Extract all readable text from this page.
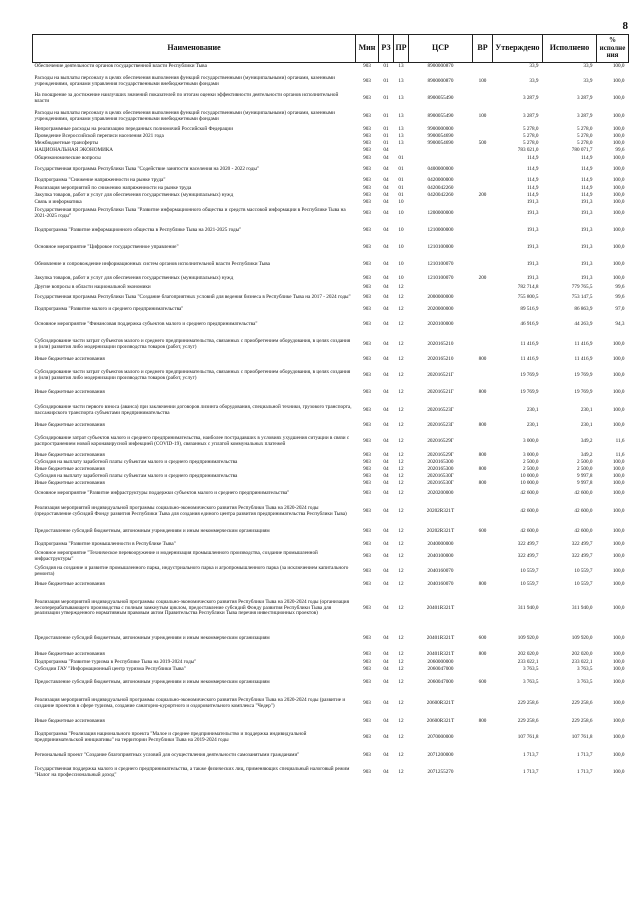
8
Наименование	Мин	РЗ	ПР	ЦСР	ВР	Утверждено	Исполнено	% исполне ния
Обеспечение деятельности органов государственной власти Республики Тыва	903	01	13	8900000870		33,9	33,9	100,0
Расходы на выплаты персоналу в целях обеспечения выполнения функций государственными (муниципальными) органами, казенными учреждениями, органами управления государственными внебюджетными фондами	903	01	13	8900000870	100	33,9	33,9	100,0
На поощрение за достижение наилучших значений показателей по итогам оценки эффективности деятельности органов исполнительной власти	903	01	13	8900055490		3 287,9	3 287,9	100,0
Расходы на выплаты персоналу в целях обеспечения выполнения функций государственными (муниципальными) органами, казенными учреждениями, органами управления государственными внебюджетными фондами	903	01	13	8900055490	100	3 287,9	3 287,9	100,0
Непрограммные расходы на реализацию переданных полномочий Российской Федерации	903	01	13	9900000000		5 278,0	5 278,0	100,0
Проведение Всероссийской переписи населения 2021 года	903	01	13	9900054690		5 278,0	5 278,0	100,0
Межбюджетные трансферты	903	01	13	9900054690	500	5 278,0	5 278,0	100,0
НАЦИОНАЛЬНАЯ ЭКОНОМИКА	903	04				783 021,0	780 071,7	99,6
Общеэкономические вопросы	903	04	01			114,9	114,9	100,0
Государственная программа Республики Тыва "Содействие занятости населения на 2020 - 2022 годы"	903	04	01	0400000000		114,9	114,9	100,0
Подпрограмма "Снижение напряженности на рынке труда"	903	04	01	0420000000		114,9	114,9	100,0
Реализация мероприятий по снижению напряженности на рынке труда	903	04	01	0420042260		114,9	114,9	100,0
Закупка товаров, работ и услуг для обеспечения государственных (муниципальных) нужд	903	04	01	0420042260	200	114,9	114,9	100,0
Связь и информатика	903	04	10			191,3	191,3	100,0
Государственная программа Республики Тыва "Развитие информационного общества и средств массовой информации в Республике Тыва на 2021-2025 годы"	903	04	10	1200000000		191,3	191,3	100,0
Подпрограмма "Развитие информационного общества в Республике Тыва на 2021-2025 годы"	903	04	10	1210000000		191,3	191,3	100,0
Основное мероприятие "Цифровое государственное управление"	903	04	10	1210100000		191,3	191,3	100,0
Обновление и сопровождение информационных систем органов исполнительной власти Республики Тыва	903	04	10	1210100070		191,3	191,3	100,0
Закупка товаров, работ и услуг для обеспечения государственных (муниципальных) нужд	903	04	10	1210100070	200	191,3	191,3	100,0
Другие вопросы в области национальной экономики	903	04	12			782 714,8	779 765,5	99,6
Государственная программа Республики Тыва "Создание благоприятных условий для ведения бизнеса в Республике Тыва на 2017 - 2024 годы"	903	04	12	2000000000		755 800,5	753 147,5	99,6
Подпрограмма "Развитие малого и среднего предпринимательства"	903	04	12	2020000000		89 516,9	86 863,9	97,0
Основное мероприятие "Финансовая поддержка субъектов малого и среднего предпринимательства"	903	04	12	2020100000		46 916,9	44 263,9	94,3
Субсидирование части затрат субъектов малого и среднего предпринимательства, связанных с приобретением оборудования, в целях создания и (или) развития либо модернизации производства товаров (работ, услуг)	903	04	12	2020165210		11 416,9	11 416,9	100,0
Иные бюджетные ассигнования	903	04	12	2020165210	800	11 416,9	11 416,9	100,0
Субсидирование части затрат субъектов малого и среднего предпринимательства, связанных с приобретением оборудования, в целях создания и (или) развития либо модернизации производства товаров (работ, услуг)	903	04	12	202016521Г		19 769,9	19 769,9	100,0
Иные бюджетные ассигнования	903	04	12	202016521Г	800	19 769,9	19 769,9	100,0
Субсидирование части первого взноса (аванса) при заключении договоров лизинга оборудования, специальной техники, грузового транспорта, пассажирского транспорта субъектами предпринимательства	903	04	12	202016523Г		230,1	230,1	100,0
Иные бюджетные ассигнования	903	04	12	202016523Г	800	230,1	230,1	100,0
Субсидирование затрат субъектов малого и среднего предпринимательства, наиболее пострадавших в условиях ухудшения ситуации в связи с распространением новой коронавирусной инфекцией (COVID-19), связанных с уплатой коммунальных платежей	903	04	12	202016529Г		3 000,0	349,2	11,6
Иные бюджетные ассигнования	903	04	12	202016529Г	800	3 000,0	349,2	11,6
Субсидия на выплату заработной платы субъектам малого и среднего предпринимательства	903	04	12	2020165300		2 500,0	2 500,0	100,0
Иные бюджетные ассигнования	903	04	12	2020165300	800	2 500,0	2 500,0	100,0
Субсидия на выплату заработной платы субъектам малого и среднего предпринимательства	903	04	12	202016530Г		10 000,0	9 997,8	100,0
Иные бюджетные ассигнования	903	04	12	202016530Г	800	10 000,0	9 997,8	100,0
Основное мероприятие "Развитие инфраструктуры поддержки субъектов малого и среднего предпринимательства"	903	04	12	2020200000		42 600,0	42 600,0	100,0
Реализация мероприятий индивидуальной программы социально-экономического развития Республики Тыва на 2020-2024 годы (предоставление субсидий Фонду развития Республики Тыва для создания единого центра развития предпринимательства Республики Тыва)	903	04	12	20202R321Т		42 600,0	42 600,0	100,0
Предоставление субсидий бюджетным, автономным учреждениям и иным некоммерческим организациям	903	04	12	20202R321Т	600	42 600,0	42 600,0	100,0
Подпрограмма "Развитие промышленности в Республике Тыва"	903	04	12	2040000000		322 499,7	322 499,7	100,0
Основное мероприятие "Техническое перевооружение и модернизация промышленного производства, создание промышленной инфраструктуры"	903	04	12	2040100000		322 499,7	322 499,7	100,0
Субсидия на создание и развитие промышленного парка, индустриального парка и агропромышленного парка (за исключением капитального ремонта)	903	04	12	2040160070		10 559,7	10 559,7	100,0
Иные бюджетные ассигнования	903	04	12	2040160070	800	10 559,7	10 559,7	100,0
Реализация мероприятий индивидуальной программы социально-экономического развития Республики Тыва на 2020-2024 годы (организация лесоперерабатывающего производства с полным замкнутым циклом, предоставление субсидий Фонду развития Республики Тыва для реализации утвержденного нормативным правовым актом Правительства Республики Тыва перечня инвестиционных проектов)	903	04	12	20401R321Т		311 940,0	311 940,0	100,0
Предоставление субсидий бюджетным, автономным учреждениям и иным некоммерческим организациям	903	04	12	20401R321Т	600	109 920,0	109 920,0	100,0
Иные бюджетные ассигнования	903	04	12	20401R321Т	800	202 020,0	202 020,0	100,0
Подпрограмма "Развитие туризма в Республике Тыва на 2019-2024 годы"	903	04	12	2060000000		233 022,1	233 022,1	100,0
Субсидии ГАУ "Информационный центр туризма Республики Тыва"	903	04	12	2060047000		3 763,5	3 763,5	100,0
Предоставление субсидий бюджетным, автономным учреждениям и иным некоммерческим организациям	903	04	12	2060047000	600	3 763,5	3 763,5	100,0
Реализация мероприятий индивидуальной программы социально-экономического развития Республики Тыва на 2020-2024 годы (развитие и создание проектов в сфере туризма, создание санаторно-курортного и оздоровительного комплекса "Чедер")	903	04	12	20600R321Т		229 258,6	229 258,6	100,0
Иные бюджетные ассигнования	903	04	12	20600R321Т	800	229 258,6	229 258,6	100,0
Подпрограмма "Реализация национального проекта "Малое и среднее предпринимательство и поддержка индивидуальной предпринимательской инициативы" на территории Республики Тыва на 2019-2024 годы	903	04	12	2070000000		107 761,8	107 761,8	100,0
Региональный проект "Создание благоприятных условий для осуществления деятельности самозанятыми гражданами"	903	04	12	2071200000		1 713,7	1 713,7	100,0
Государственная поддержка малого и среднего предпринимательства, а также физических лиц, применяющих специальный налоговый режим "Налог на профессиональный доход"	903	04	12	2071255270		1 713,7	1 713,7	100,0
